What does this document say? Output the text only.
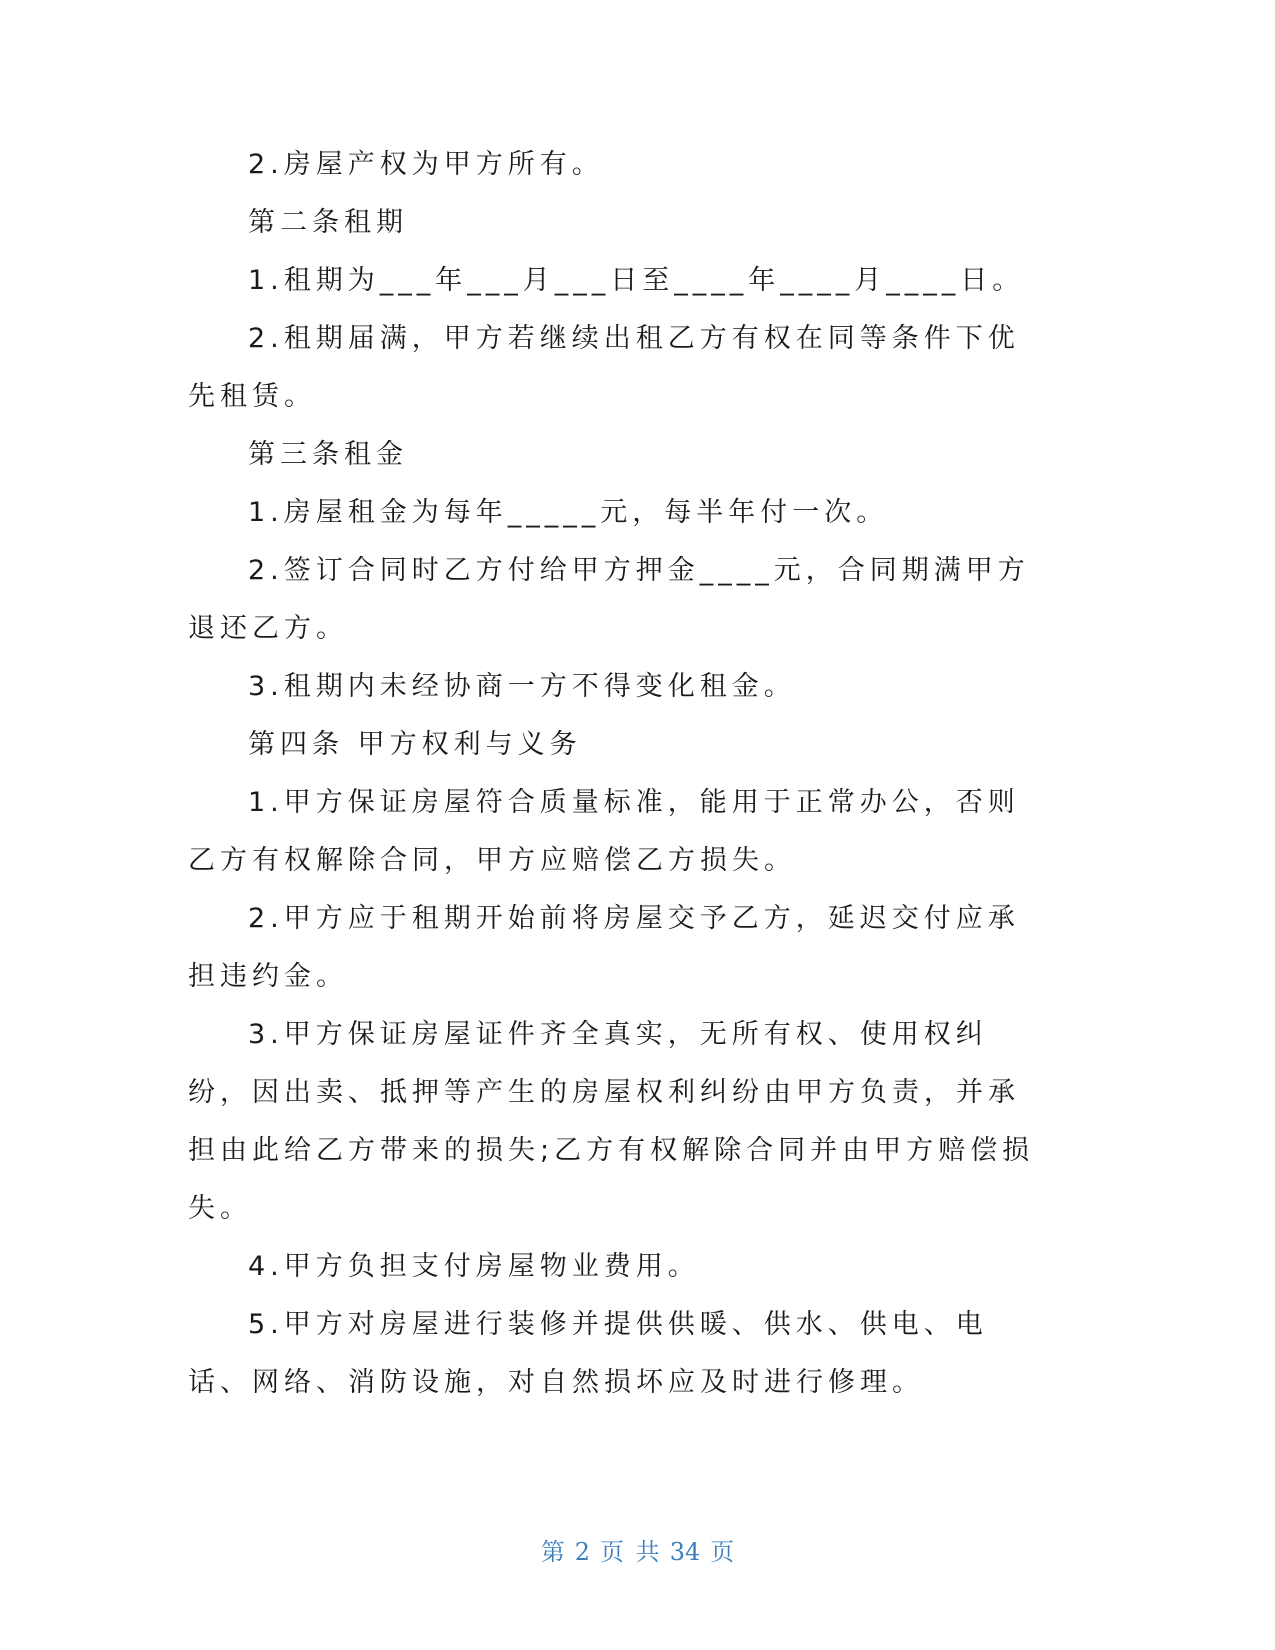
2.房屋产权为甲方所有。

第二条租期

1.租期为___年___月___日至____年____月____日。

2.租期届满，甲方若继续出租乙方有权在同等条件下优先租赁。

第三条租金

1.房屋租金为每年_____元，每半年付一次。

2.签订合同时乙方付给甲方押金____元，合同期满甲方退还乙方。

3.租期内未经协商一方不得变化租金。

第四条 甲方权利与义务

1.甲方保证房屋符合质量标准，能用于正常办公，否则乙方有权解除合同，甲方应赔偿乙方损失。

2.甲方应于租期开始前将房屋交予乙方，延迟交付应承担违约金。

3.甲方保证房屋证件齐全真实，无所有权、使用权纠纷，因出卖、抵押等产生的房屋权利纠纷由甲方负责，并承担由此给乙方带来的损失;乙方有权解除合同并由甲方赔偿损失。

4.甲方负担支付房屋物业费用。

5.甲方对房屋进行装修并提供供暖、供水、供电、电话、网络、消防设施，对自然损坏应及时进行修理。

第 2 页 共 34 页
